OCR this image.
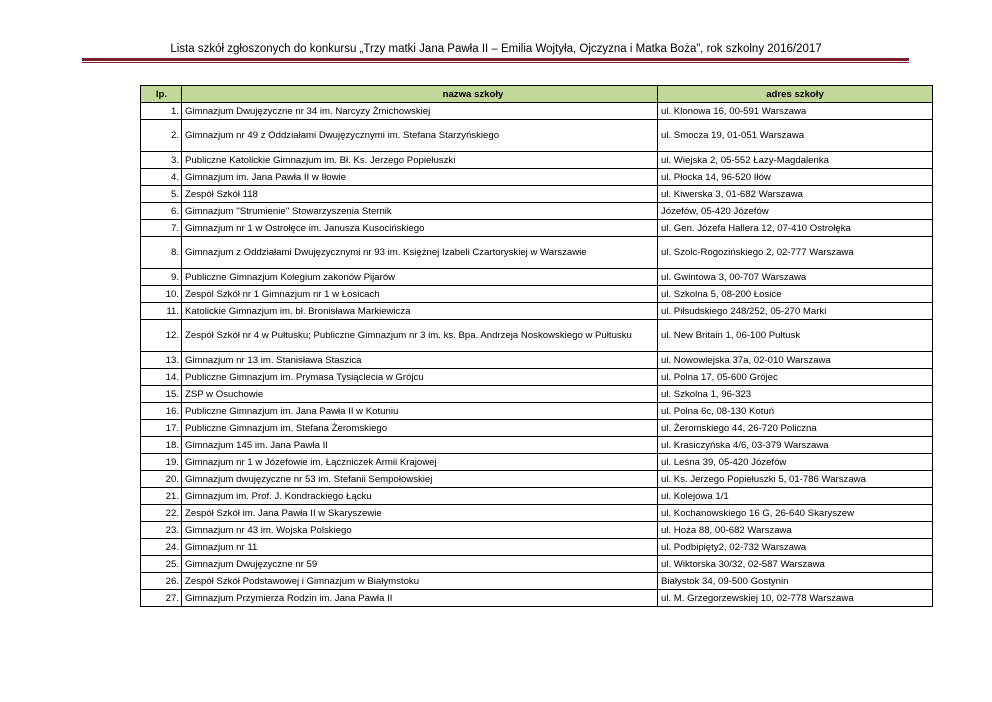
Lista szkół zgłoszonych do konkursu „Trzy matki Jana Pawła II – Emilia Wojtyła, Ojczyzna i Matka Boża”, rok szkolny 2016/2017
lp.	nazwa szkoły	adres szkoły
1.	Gimnazjum Dwujęzyczne nr 34 im. Narcyzy Żmichowskiej	ul. Klonowa 16, 00-591 Warszawa
2.	Gimnazjum nr 49 z Oddziałami Dwujęzycznymi im. Stefana Starzyńskiego	ul. Smocza 19, 01-051 Warszawa
3.	Publiczne Katolickie Gimnazjum im. Bł. Ks. Jerzego Popiełuszki	ul. Wiejska 2, 05-552 Łazy-Magdalenka
4.	Gimnazjum im. Jana Pawła II w Iłowie	ul. Płocka 14, 96-520 Iłów
5.	Zespół Szkół 118	ul. Kiwerska 3, 01-682 Warszawa
6.	Gimnazjum ''Strumienie'' Stowarzyszenia Sternik	Józefów, 05-420 Józefów
7.	Gimnazjum nr 1 w Ostrołęce im. Janusza Kusocińskiego	ul. Gen. Józefa Hallera 12, 07-410 Ostrołęka
8.	Gimnazjum z Oddziałami Dwujęzycznymi nr 93 im. Księżnej Izabeli Czartoryskiej w Warszawie	ul. Szolc-Rogozińskiego 2, 02-777 Warszawa
9.	Publiczne Gimnazjum Kolegium zakonów Pijarów	ul. Gwintowa 3, 00-707 Warszawa
10.	Zespól Szkół nr 1 Gimnazjum nr 1 w Łosicach	ul. Szkolna 5, 08-200 Łosice
11.	Katolickie Gimnazjum im. bł. Bronisława Markiewicza	ul. Piłsudskiego 248/252, 05-270 Marki
12.	Zespół Szkół nr 4 w Pułtusku; Publiczne Gimnazjum nr 3 im. ks. Bpa. Andrzeja Noskowskiego w Pułtusku	ul. New Britain 1, 06-100 Pułtusk
13.	Gimnazjum nr 13 im. Stanisława Staszica	ul. Nowowiejska 37a, 02-010 Warszawa
14.	Publiczne Gimnazjum im. Prymasa Tysiąclecia w Grójcu	ul. Polna 17, 05-600 Grójec
15.	ZSP w Osuchowie	ul. Szkolna 1, 96-323
16.	Publiczne Gimnazjum im. Jana Pawła II w Kotuniu	ul. Polna 6c, 08-130 Kotuń
17.	Publiczne Gimnazjum im. Stefana Żeromskiego	ul. Żeromskiego 44, 26-720 Policzna
18.	Gimnazjum 145 im. Jana Pawła II	ul. Krasiczyńska 4/6, 03-379 Warszawa
19.	Gimnazjum nr 1 w Józefowie im. Łączniczek Armii Krajowej	ul. Leśna 39, 05-420 Józefów
20.	Gimnazjum dwujęzyczne nr 53 im. Stefanii Sempołowskiej	ul. Ks. Jerzego Popiełuszki 5, 01-786 Warszawa
21.	Gimnazjum im. Prof. J. Kondrackiego Łącku	ul. Kolejowa 1/1
22.	Zespół Szkół im. Jana Pawła II w Skaryszewie	ul. Kochanowskiego 16 G, 26-640 Skaryszew
23.	Gimnazjum nr 43 im. Wojska Polskiego	ul. Hoża 88, 00-682 Warszawa
24.	Gimnazjum nr 11	ul. Podbipięty2, 02-732 Warszawa
25.	Gimnazjum Dwujęzyczne nr 59	ul. Wiktorska 30/32, 02-587 Warszawa
26.	Zespół Szkół Podstawowej i Gimnazjum w Białymstoku	Białystok 34, 09-500 Gostynin
27.	Gimnazjum Przymierza Rodzin im. Jana Pawła II	ul. M. Grzegorzewskiej 10, 02-778 Warszawa
